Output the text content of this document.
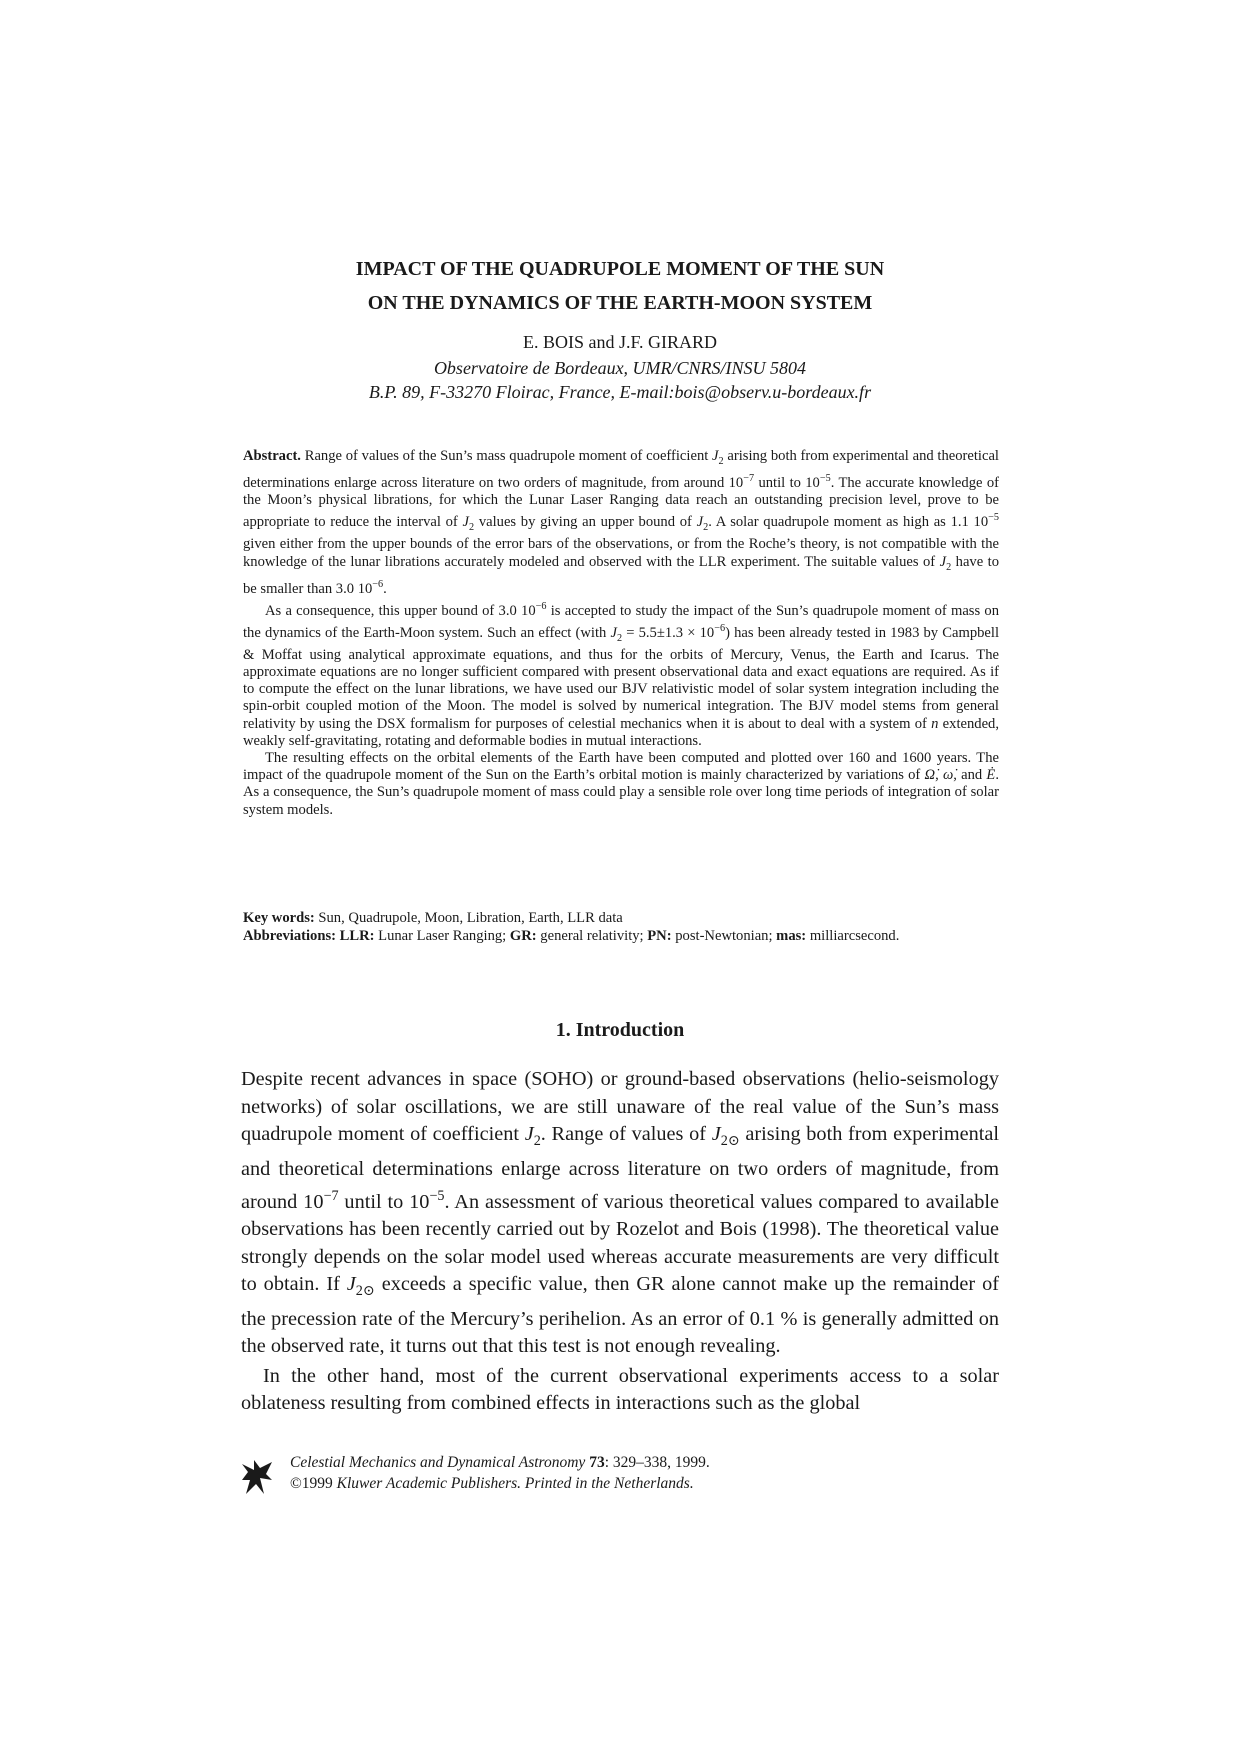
IMPACT OF THE QUADRUPOLE MOMENT OF THE SUN
ON THE DYNAMICS OF THE EARTH-MOON SYSTEM
E. BOIS and J.F. GIRARD
Observatoire de Bordeaux, UMR/CNRS/INSU 5804
B.P. 89, F-33270 Floirac, France, E-mail:bois@observ.u-bordeaux.fr

Abstract. Range of values of the Sun’s mass quadrupole moment of coefficient $J_2$ arising both from experimental and theoretical determinations enlarge across literature on two orders of magnitude, from around $10^{-7}$ until to $10^{-5}$. The accurate knowledge of the Moon’s physical librations, for which the Lunar Laser Ranging data reach an outstanding precision level, prove to be appropriate to reduce the interval of $J_2$ values by giving an upper bound of $J_2$. A solar quadrupole moment as high as 1.1 $10^{-5}$ given either from the upper bounds of the error bars of the observations, or from the Roche’s theory, is not compatible with the knowledge of the lunar librations accurately modeled and observed with the LLR experiment. The suitable values of $J_2$ have to be smaller than 3.0 $10^{-6}$.

As a consequence, this upper bound of 3.0 $10^{-6}$ is accepted to study the impact of the Sun’s quadrupole moment of mass on the dynamics of the Earth-Moon system. Such an effect (with $J_2 = 5.5\pm 1.3 \times 10^{-6}$) has been already tested in 1983 by Campbell & Moffat using analytical approximate equations, and thus for the orbits of Mercury, Venus, the Earth and Icarus. The approximate equations are no longer sufficient compared with present observational data and exact equations are required. As if to compute the effect on the lunar librations, we have used our BJV relativistic model of solar system integration including the spin-orbit coupled motion of the Moon. The model is solved by numerical integration. The BJV model stems from general relativity by using the DSX formalism for purposes of celestial mechanics when it is about to deal with a system of n extended, weakly self-gravitating, rotating and deformable bodies in mutual interactions.

The resulting effects on the orbital elements of the Earth have been computed and plotted over 160 and 1600 years. The impact of the quadrupole moment of the Sun on the Earth’s orbital motion is mainly characterized by variations of Ω̇, ω̇, and Ė. As a consequence, the Sun’s quadrupole moment of mass could play a sensible role over long time periods of integration of solar system models.

Key words: Sun, Quadrupole, Moon, Libration, Earth, LLR data

Abbreviations: LLR: Lunar Laser Ranging; GR: general relativity; PN: post-Newtonian; mas: milliarcsecond.

1. Introduction

Despite recent advances in space (SOHO) or ground-based observations (helio-seismology networks) of solar oscillations, we are still unaware of the real value of the Sun’s mass quadrupole moment of coefficient $J_2$. Range of values of $J_{2⊙}$ arising both from experimental and theoretical determinations enlarge across literature on two orders of magnitude, from around $10^{-7}$ until to $10^{-5}$. An assessment of various theoretical values compared to available observations has been recently carried out by Rozelot and Bois (1998). The theoretical value strongly depends on the solar model used whereas accurate measurements are very difficult to obtain. If $J_{2⊙}$ exceeds a specific value, then GR alone cannot make up the remainder of the precession rate of the Mercury’s perihelion. As an error of 0.1 % is generally admitted on the observed rate, it turns out that this test is not enough revealing.

In the other hand, most of the current observational experiments access to a solar oblateness resulting from combined effects in interactions such as the global

Celestial Mechanics and Dynamical Astronomy 73: 329–338, 1999.
©1999 Kluwer Academic Publishers. Printed in the Netherlands.
